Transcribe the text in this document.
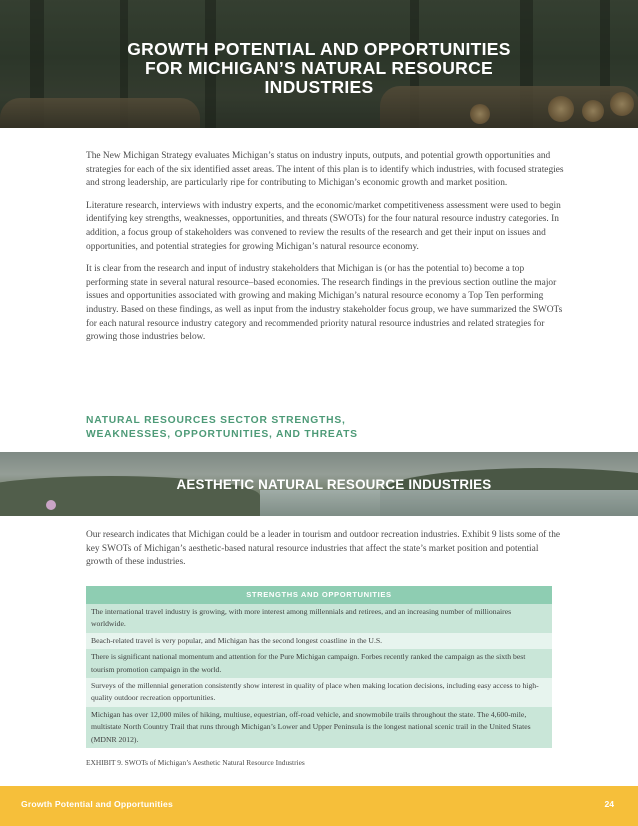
GROWTH POTENTIAL AND OPPORTUNITIES
FOR MICHIGAN’S NATURAL RESOURCE
INDUSTRIES

The New Michigan Strategy evaluates Michigan’s status on industry inputs, outputs, and potential growth opportunities and strategies for each of the six identified asset areas. The intent of this plan is to identify which industries, with focused strategies and strong leadership, are particularly ripe for contributing to Michigan’s economic growth and market position.

Literature research, interviews with industry experts, and the economic/market competitiveness assessment were used to begin identifying key strengths, weaknesses, opportunities, and threats (SWOTs) for the four natural resource industry categories. In addition, a focus group of stakeholders was convened to review the results of the research and get their input on issues and opportunities, and potential strategies for growing Michigan’s natural resource economy.

It is clear from the research and input of industry stakeholders that Michigan is (or has the potential to) become a top performing state in several natural resource–based economies. The research findings in the previous section outline the major issues and opportunities associated with growing and making Michigan’s natural resource economy a Top Ten performing industry. Based on these findings, as well as input from the industry stakeholder focus group, we have summarized the SWOTs for each natural resource industry category and recommended priority natural resource industries and related strategies for growing those industries below.

NATURAL RESOURCES SECTOR STRENGTHS,
WEAKNESSES, OPPORTUNITIES, AND THREATS
AESTHETIC NATURAL RESOURCE INDUSTRIES
Our research indicates that Michigan could be a leader in tourism and outdoor recreation industries. Exhibit 9 lists some of the key SWOTs of Michigan’s aesthetic-based natural resource industries that affect the state’s market position and potential growth of these industries.
STRENGTHS AND OPPORTUNITIES
The international travel industry is growing, with more interest among millennials and retirees, and an increasing number of millionaires worldwide.
Beach-related travel is very popular, and Michigan has the second longest coastline in the U.S.
There is significant national momentum and attention for the Pure Michigan campaign. Forbes recently ranked the campaign as the sixth best tourism promotion campaign in the world.
Surveys of the millennial generation consistently show interest in quality of place when making location decisions, including easy access to high-quality outdoor recreation opportunities.
Michigan has over 12,000 miles of hiking, multiuse, equestrian, off-road vehicle, and snowmobile trails throughout the state. The 4,600-mile, multistate North Country Trail that runs through Michigan’s Lower and Upper Peninsula is the longest national scenic trail in the United States (MDNR 2012).
EXHIBIT 9. SWOTs of Michigan’s Aesthetic Natural Resource Industries
Growth Potential and Opportunities	24
